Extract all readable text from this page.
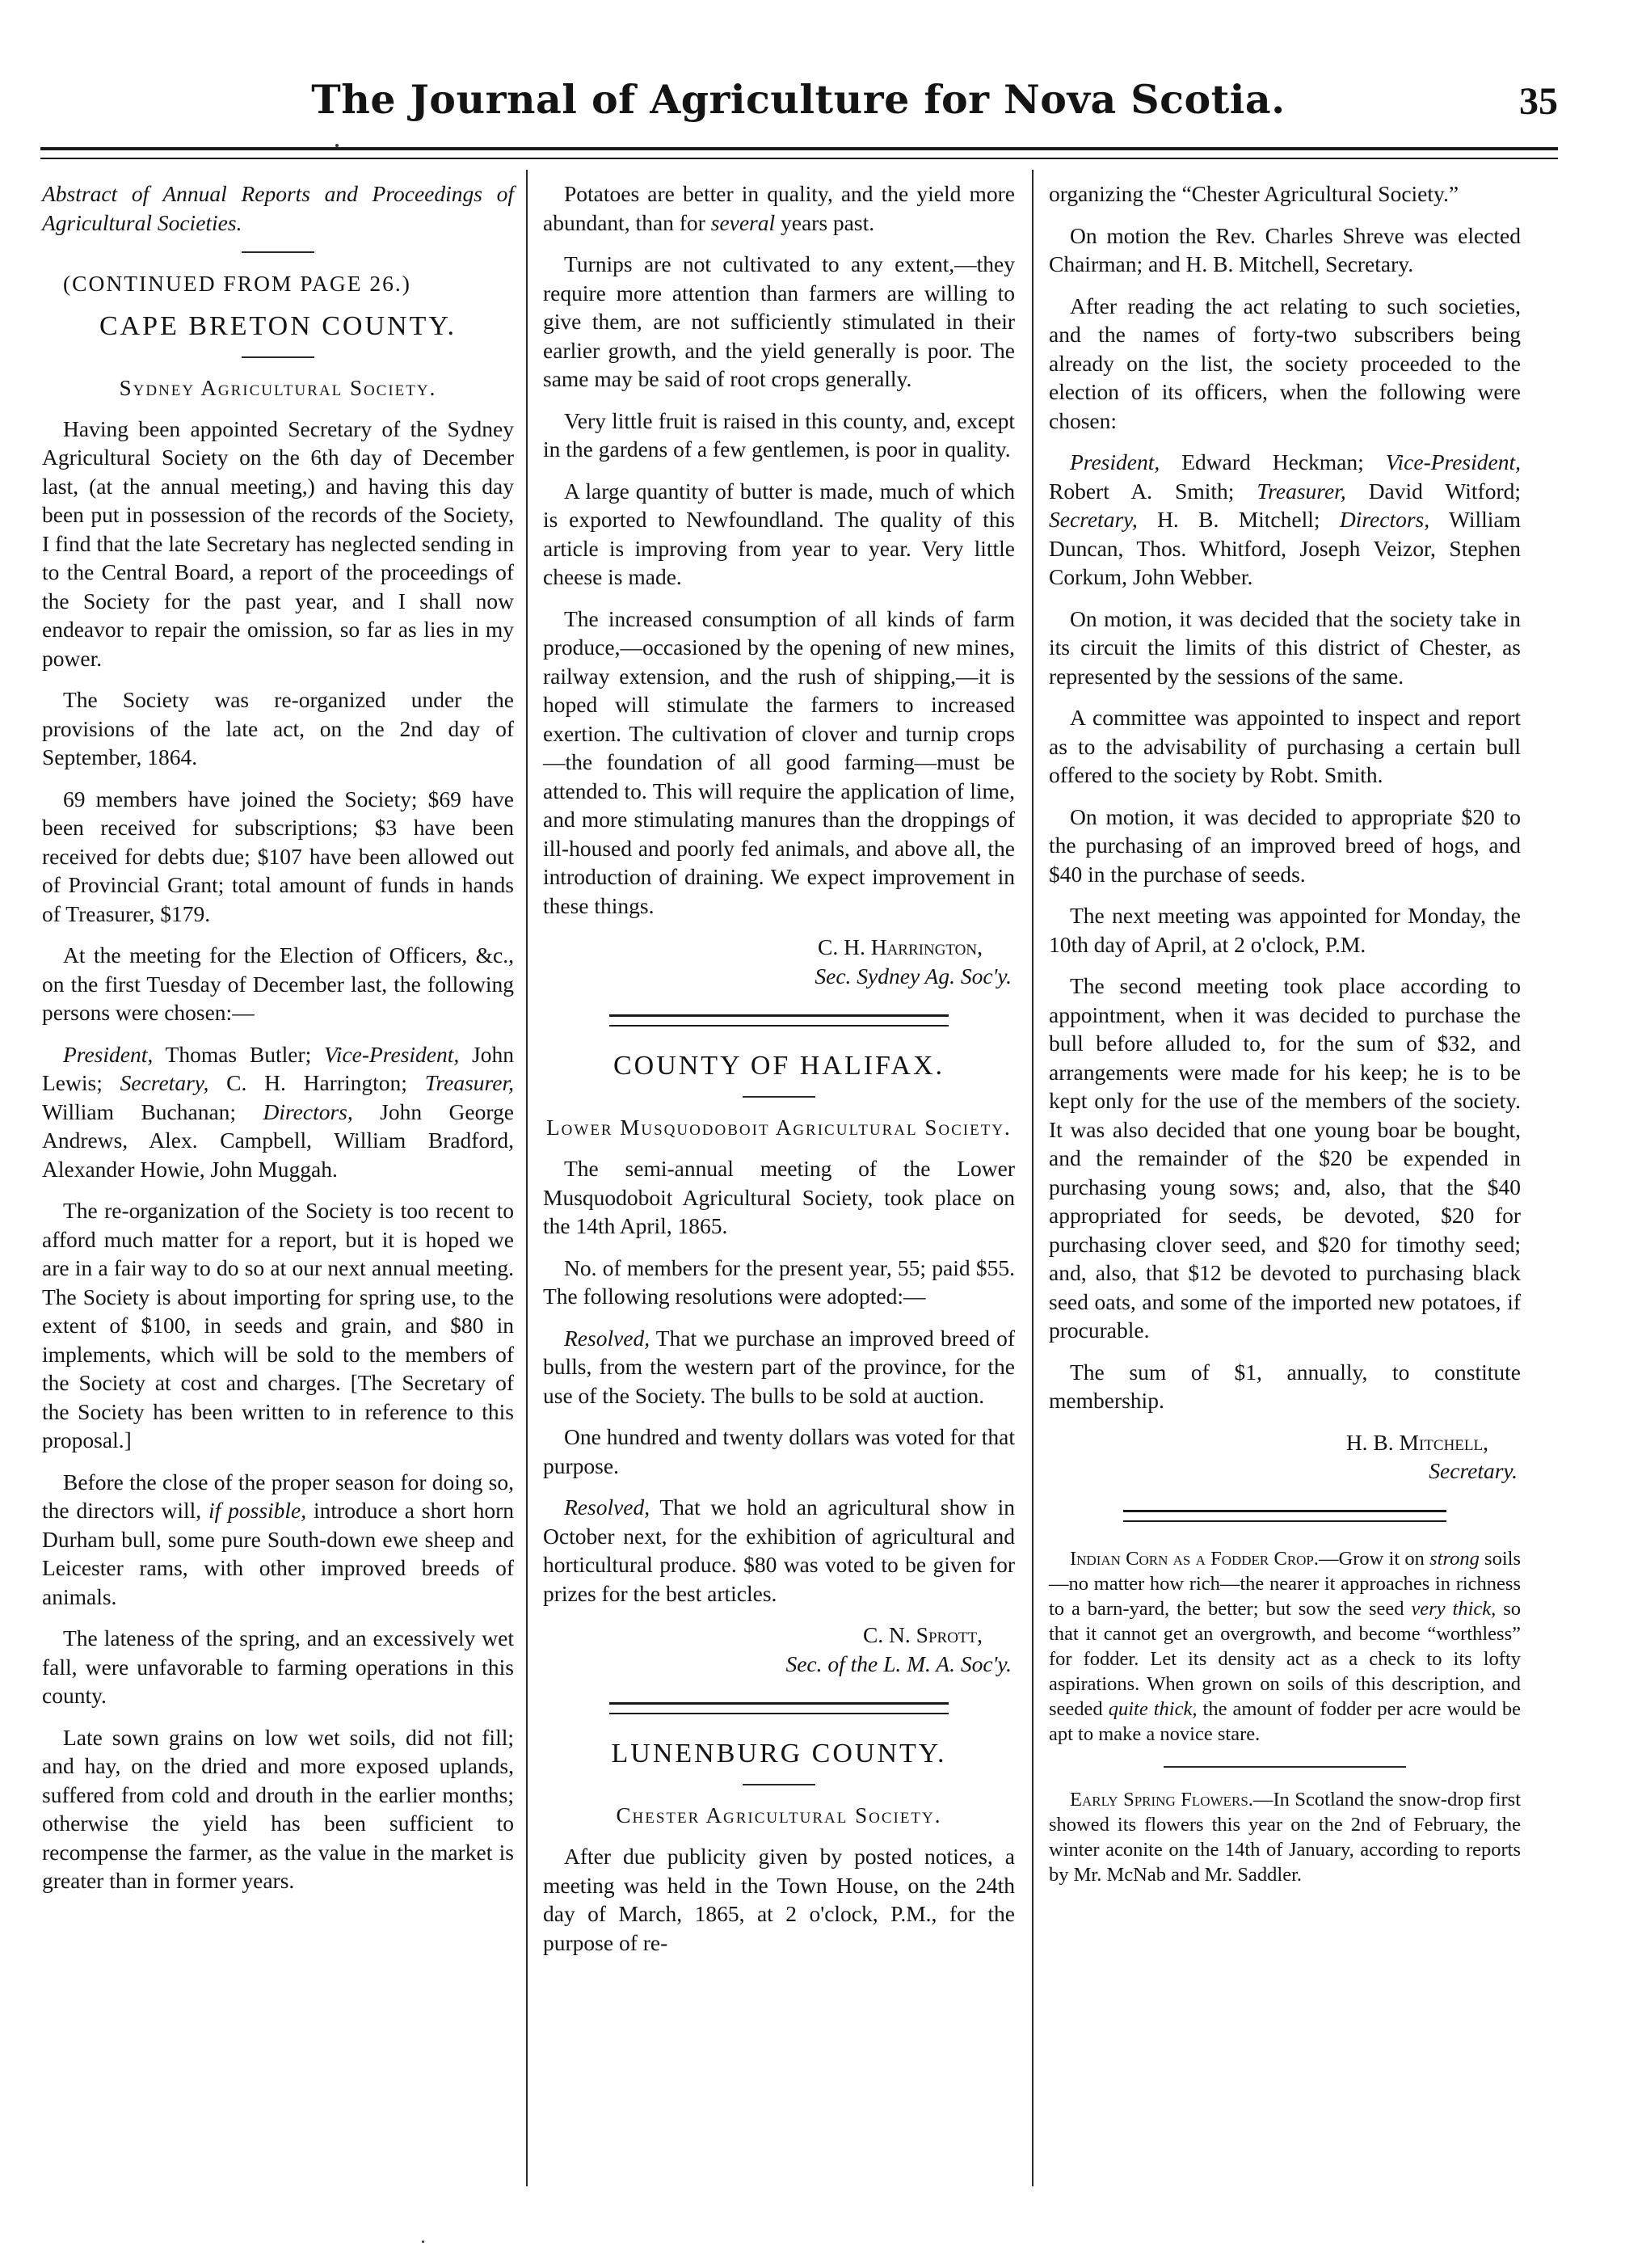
The Journal of Agriculture for Nova Scotia.	35

Abstract of Annual Reports and Proceedings of Agricultural Societies.

(CONTINUED FROM PAGE 26.)

CAPE BRETON COUNTY.
Sydney Agricultural Society.

Having been appointed Secretary of the Sydney Agricultural Society on the 6th day of December last, (at the annual meeting,) and having this day been put in possession of the records of the Society, I find that the late Secretary has neglected sending in to the Central Board, a report of the proceedings of the Society for the past year, and I shall now endeavor to repair the omission, so far as lies in my power.

The Society was re-organized under the provisions of the late act, on the 2nd day of September, 1864.

69 members have joined the Society; $69 have been received for subscriptions; $3 have been received for debts due; $107 have been allowed out of Provincial Grant; total amount of funds in hands of Treasurer, $179.

At the meeting for the Election of Officers, &c., on the first Tuesday of December last, the following persons were chosen:—

President, Thomas Butler; Vice-President, John Lewis; Secretary, C. H. Harrington; Treasurer, William Buchanan; Directors, John George Andrews, Alex. Campbell, William Bradford, Alexander Howie, John Muggah.

The re-organization of the Society is too recent to afford much matter for a report, but it is hoped we are in a fair way to do so at our next annual meeting. The Society is about importing for spring use, to the extent of $100, in seeds and grain, and $80 in implements, which will be sold to the members of the Society at cost and charges. [The Secretary of the Society has been written to in reference to this proposal.]

Before the close of the proper season for doing so, the directors will, if possible, introduce a short horn Durham bull, some pure South-down ewe sheep and Leicester rams, with other improved breeds of animals.

The lateness of the spring, and an excessively wet fall, were unfavorable to farming operations in this county.

Late sown grains on low wet soils, did not fill; and hay, on the dried and more exposed uplands, suffered from cold and drouth in the earlier months; otherwise the yield has been sufficient to recompense the farmer, as the value in the market is greater than in former years.

Potatoes are better in quality, and the yield more abundant, than for several years past.

Turnips are not cultivated to any extent,—they require more attention than farmers are willing to give them, are not sufficiently stimulated in their earlier growth, and the yield generally is poor. The same may be said of root crops generally.

Very little fruit is raised in this county, and, except in the gardens of a few gentlemen, is poor in quality.

A large quantity of butter is made, much of which is exported to Newfoundland. The quality of this article is improving from year to year. Very little cheese is made.

The increased consumption of all kinds of farm produce,—occasioned by the opening of new mines, railway extension, and the rush of shipping,—it is hoped will stimulate the farmers to increased exertion. The cultivation of clover and turnip crops—the foundation of all good farming—must be attended to. This will require the application of lime, and more stimulating manures than the droppings of ill-housed and poorly fed animals, and above all, the introduction of draining. We expect improvement in these things.

C. H. Harrington,

Sec. Sydney Ag. Soc'y.

COUNTY OF HALIFAX.
Lower Musquodoboit Agricultural Society.

The semi-annual meeting of the Lower Musquodoboit Agricultural Society, took place on the 14th April, 1865.

No. of members for the present year, 55; paid $55. The following resolutions were adopted:—

Resolved, That we purchase an improved breed of bulls, from the western part of the province, for the use of the Society. The bulls to be sold at auction.

One hundred and twenty dollars was voted for that purpose.

Resolved, That we hold an agricultural show in October next, for the exhibition of agricultural and horticultural produce. $80 was voted to be given for prizes for the best articles.

C. N. Sprott,

Sec. of the L. M. A. Soc'y.

LUNENBURG COUNTY.
Chester Agricultural Society.

After due publicity given by posted notices, a meeting was held in the Town House, on the 24th day of March, 1865, at 2 o'clock, P.M., for the purpose of re-

organizing the “Chester Agricultural Society.”

On motion the Rev. Charles Shreve was elected Chairman; and H. B. Mitchell, Secretary.

After reading the act relating to such societies, and the names of forty-two subscribers being already on the list, the society proceeded to the election of its officers, when the following were chosen:

President, Edward Heckman; Vice-President, Robert A. Smith; Treasurer, David Witford; Secretary, H. B. Mitchell; Directors, William Duncan, Thos. Whitford, Joseph Veizor, Stephen Corkum, John Webber.

On motion, it was decided that the society take in its circuit the limits of this district of Chester, as represented by the sessions of the same.

A committee was appointed to inspect and report as to the advisability of purchasing a certain bull offered to the society by Robt. Smith.

On motion, it was decided to appropriate $20 to the purchasing of an improved breed of hogs, and $40 in the purchase of seeds.

The next meeting was appointed for Monday, the 10th day of April, at 2 o'clock, P.M.

The second meeting took place according to appointment, when it was decided to purchase the bull before alluded to, for the sum of $32, and arrangements were made for his keep; he is to be kept only for the use of the members of the society. It was also decided that one young boar be bought, and the remainder of the $20 be expended in purchasing young sows; and, also, that the $40 appropriated for seeds, be devoted, $20 for purchasing clover seed, and $20 for timothy seed; and, also, that $12 be devoted to purchasing black seed oats, and some of the imported new potatoes, if procurable.

The sum of $1, annually, to constitute membership.

H. B. Mitchell,

Secretary.

Indian Corn as a Fodder Crop.—Grow it on strong soils—no matter how rich—the nearer it approaches in richness to a barn-yard, the better; but sow the seed very thick, so that it cannot get an overgrowth, and become “worthless” for fodder. Let its density act as a check to its lofty aspirations. When grown on soils of this description, and seeded quite thick, the amount of fodder per acre would be apt to make a novice stare.

Early Spring Flowers.—In Scotland the snow-drop first showed its flowers this year on the 2nd of February, the winter aconite on the 14th of January, according to reports by Mr. McNab and Mr. Saddler.
